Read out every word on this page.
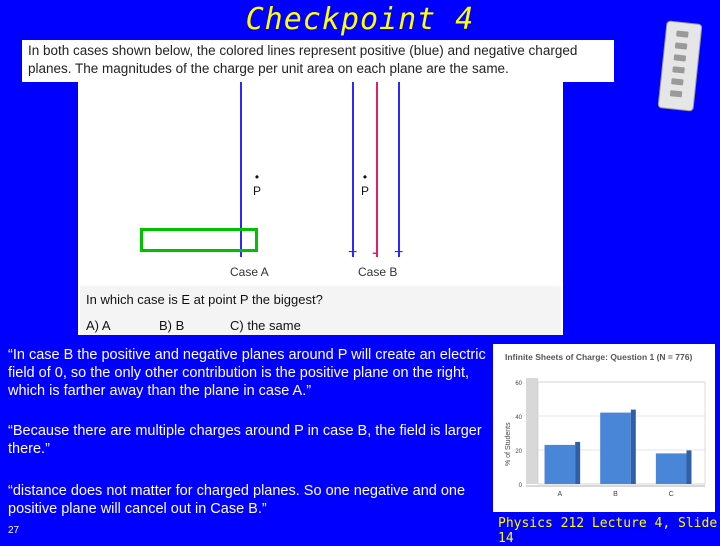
Checkpoint 4
In both cases shown below, the colored lines represent positive (blue) and negative charged planes. The magnitudes of the charge per unit area on each plane are the same.
•
P
+
Case A
•
P
+ - +
Case B
In which case is E at point P the biggest?
A) A	B) B	C) the same
“In case B the positive and negative planes around P will create an electric field of 0, so the only other contribution is the positive plane on the right, which is farther away than the plane in case A.”
“Because there are multiple charges around P in case B, the field is larger there.”
“distance does not matter for charged planes. So one negative and one positive plane will cancel out in Case B.”
Infinite Sheets of Charge: Question 1 (N = 776)
% of Students
0
20
40
60
A	B	C
27	Physics 212 Lecture 4, Slide 14
